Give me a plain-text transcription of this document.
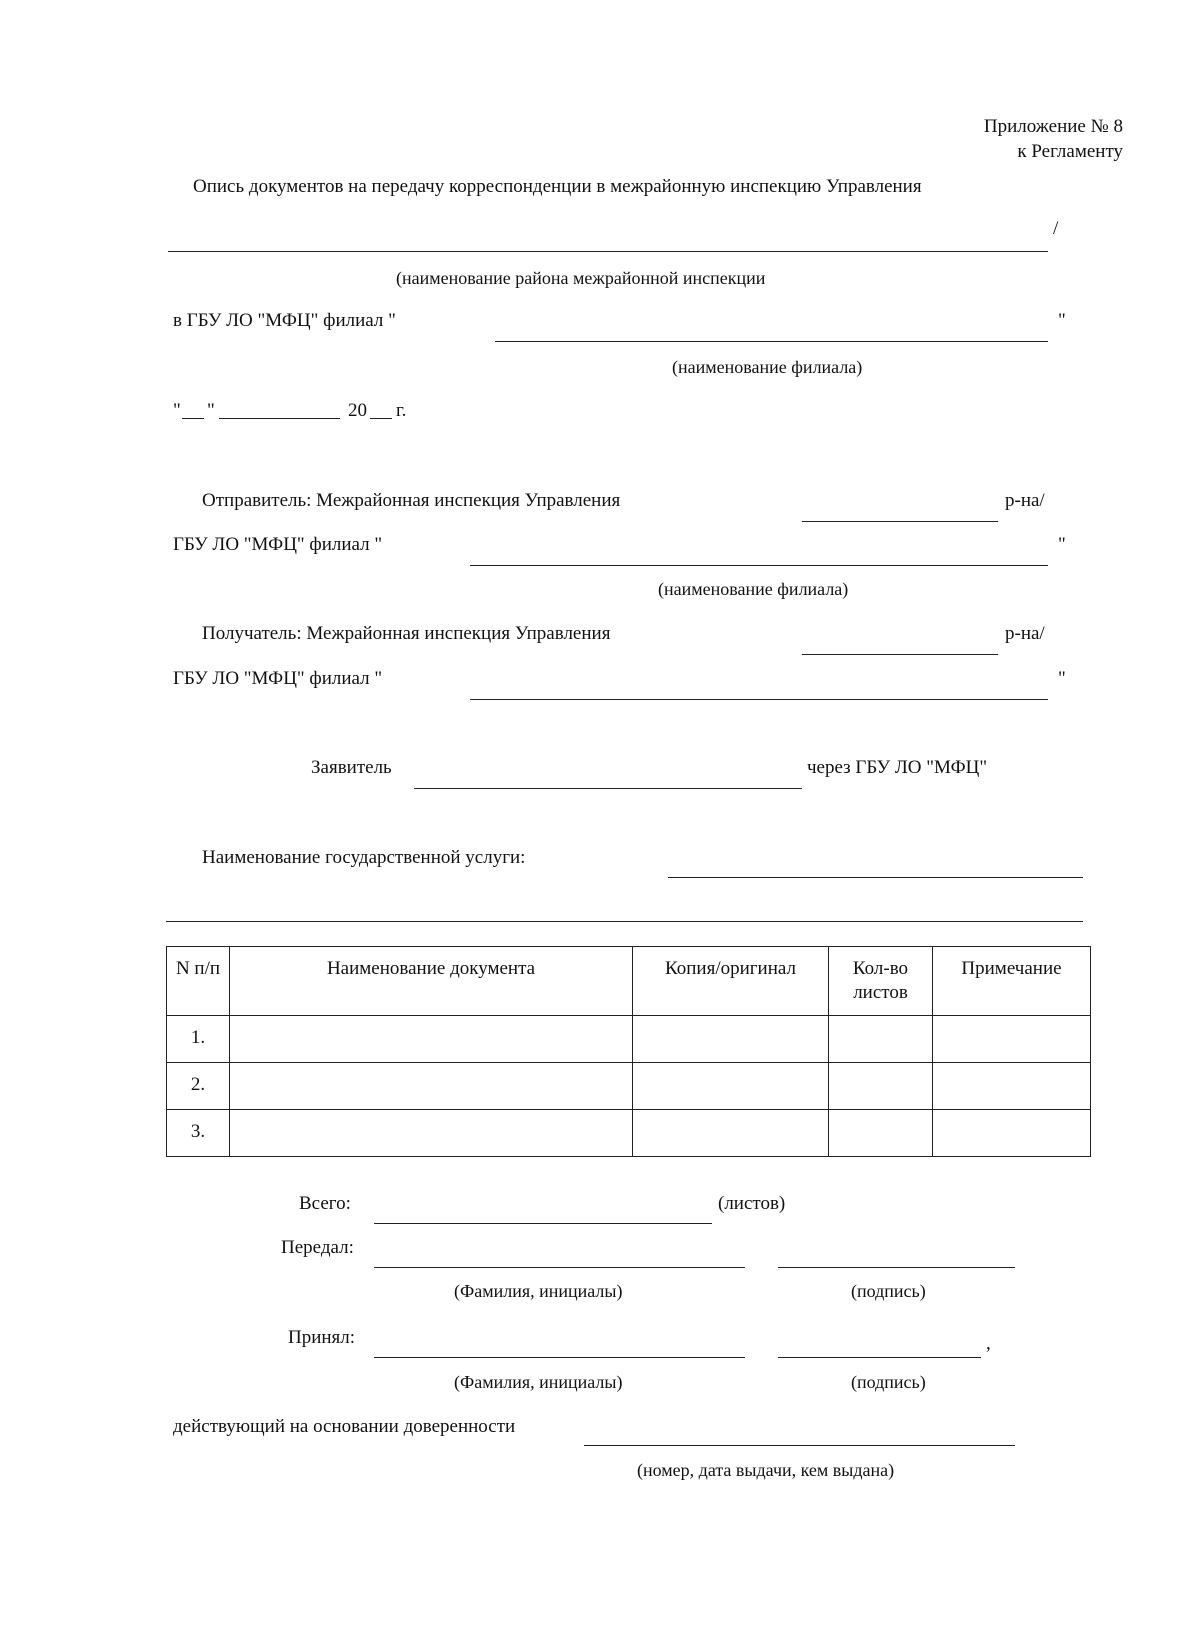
Приложение № 8
к Регламенту
Опись документов на передачу корреспонденции в межрайонную инспекцию Управления
/
(наименование района межрайонной инспекции
в ГБУ ЛО "МФЦ" филиал "	"
(наименование филиала)
" "	20 г.
Отправитель: Межрайонная инспекция Управления	р-на/
ГБУ ЛО "МФЦ" филиал "	"
(наименование филиала)
Получатель: Межрайонная инспекция Управления	р-на/
ГБУ ЛО "МФЦ" филиал "	"
Заявитель	через ГБУ ЛО "МФЦ"
Наименование государственной услуги:
N п/п	Наименование документа	Копия/оригинал	Кол-во листов	Примечание
1.				
2.				
3.				
Всего:	(листов)
Передал:
(Фамилия, инициалы)	(подпись)
Принял:	,
(Фамилия, инициалы)	(подпись)
действующий на основании доверенности
(номер, дата выдачи, кем выдана)
